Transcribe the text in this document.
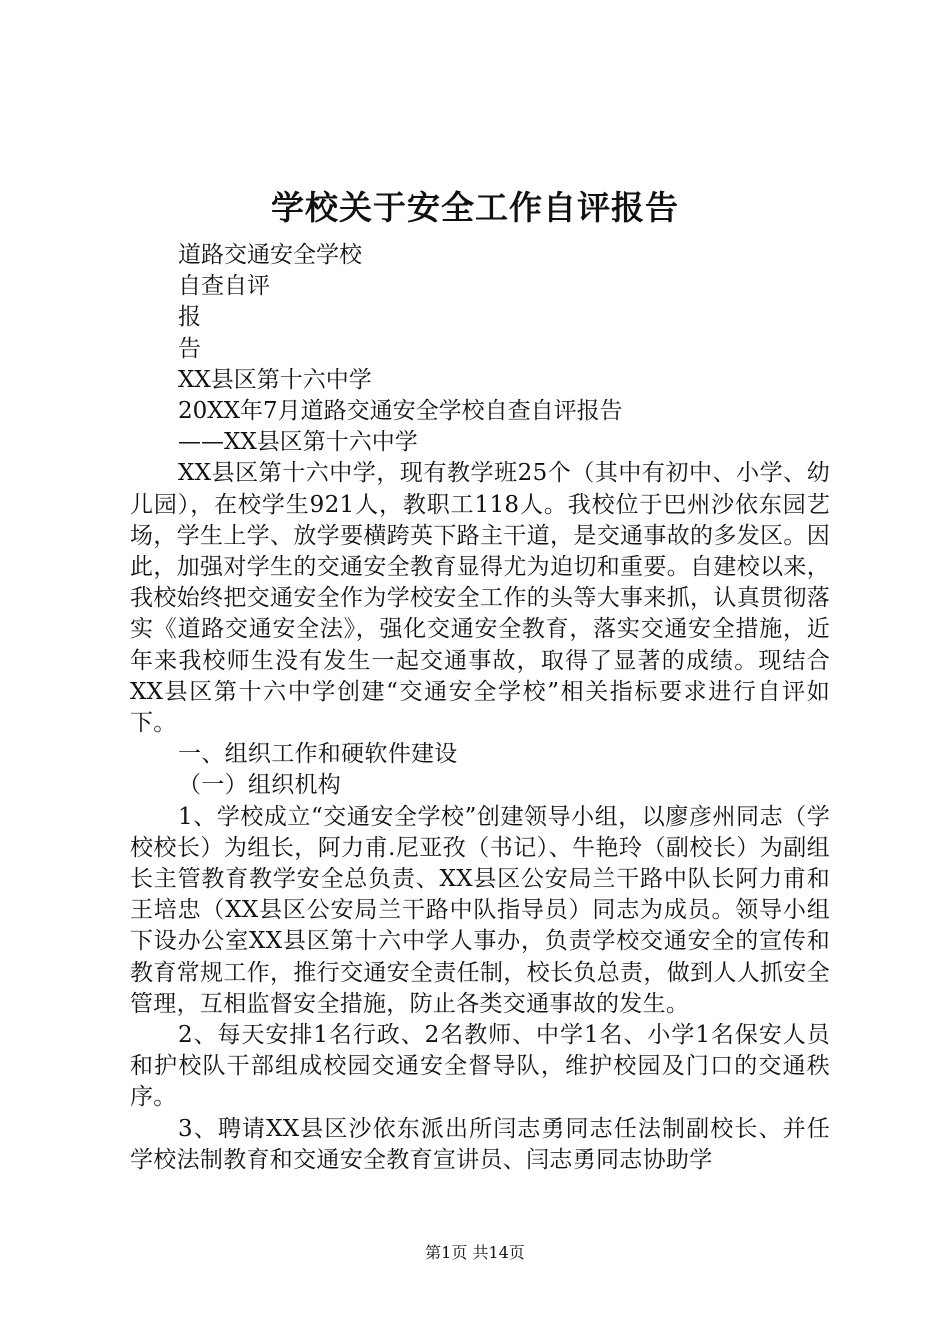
学校关于安全工作自评报告
道路交通安全学校
自查自评
报
告
XX县区第十六中学
20XX年7月道路交通安全学校自查自评报告
——XX县区第十六中学

XX县区第十六中学，现有教学班25个（其中有初中、小学、幼儿园），在校学生921人，教职工118人。我校位于巴州沙依东园艺场，学生上学、放学要横跨英下路主干道，是交通事故的多发区。因此，加强对学生的交通安全教育显得尤为迫切和重要。自建校以来，我校始终把交通安全作为学校安全工作的头等大事来抓，认真贯彻落实《道路交通安全法》，强化交通安全教育，落实交通安全措施，近年来我校师生没有发生一起交通事故，取得了显著的成绩。现结合XX县区第十六中学创建“交通安全学校”相关指标要求进行自评如下。

一、组织工作和硬软件建设

（一）组织机构

1、学校成立“交通安全学校”创建领导小组，以廖彦州同志（学校校长）为组长，阿力甫.尼亚孜（书记）、牛艳玲（副校长）为副组长主管教育教学安全总负责、XX县区公安局兰干路中队长阿力甫和王培忠（XX县区公安局兰干路中队指导员）同志为成员。领导小组下设办公室XX县区第十六中学人事办，负责学校交通安全的宣传和教育常规工作，推行交通安全责任制，校长负总责，做到人人抓安全管理，互相监督安全措施，防止各类交通事故的发生。

2、每天安排1名行政、2名教师、中学1名、小学1名保安人员和护校队干部组成校园交通安全督导队，维护校园及门口的交通秩序。

3、聘请XX县区沙依东派出所闫志勇同志任法制副校长、并任学校法制教育和交通安全教育宣讲员、闫志勇同志协助学

第1页 共14页
